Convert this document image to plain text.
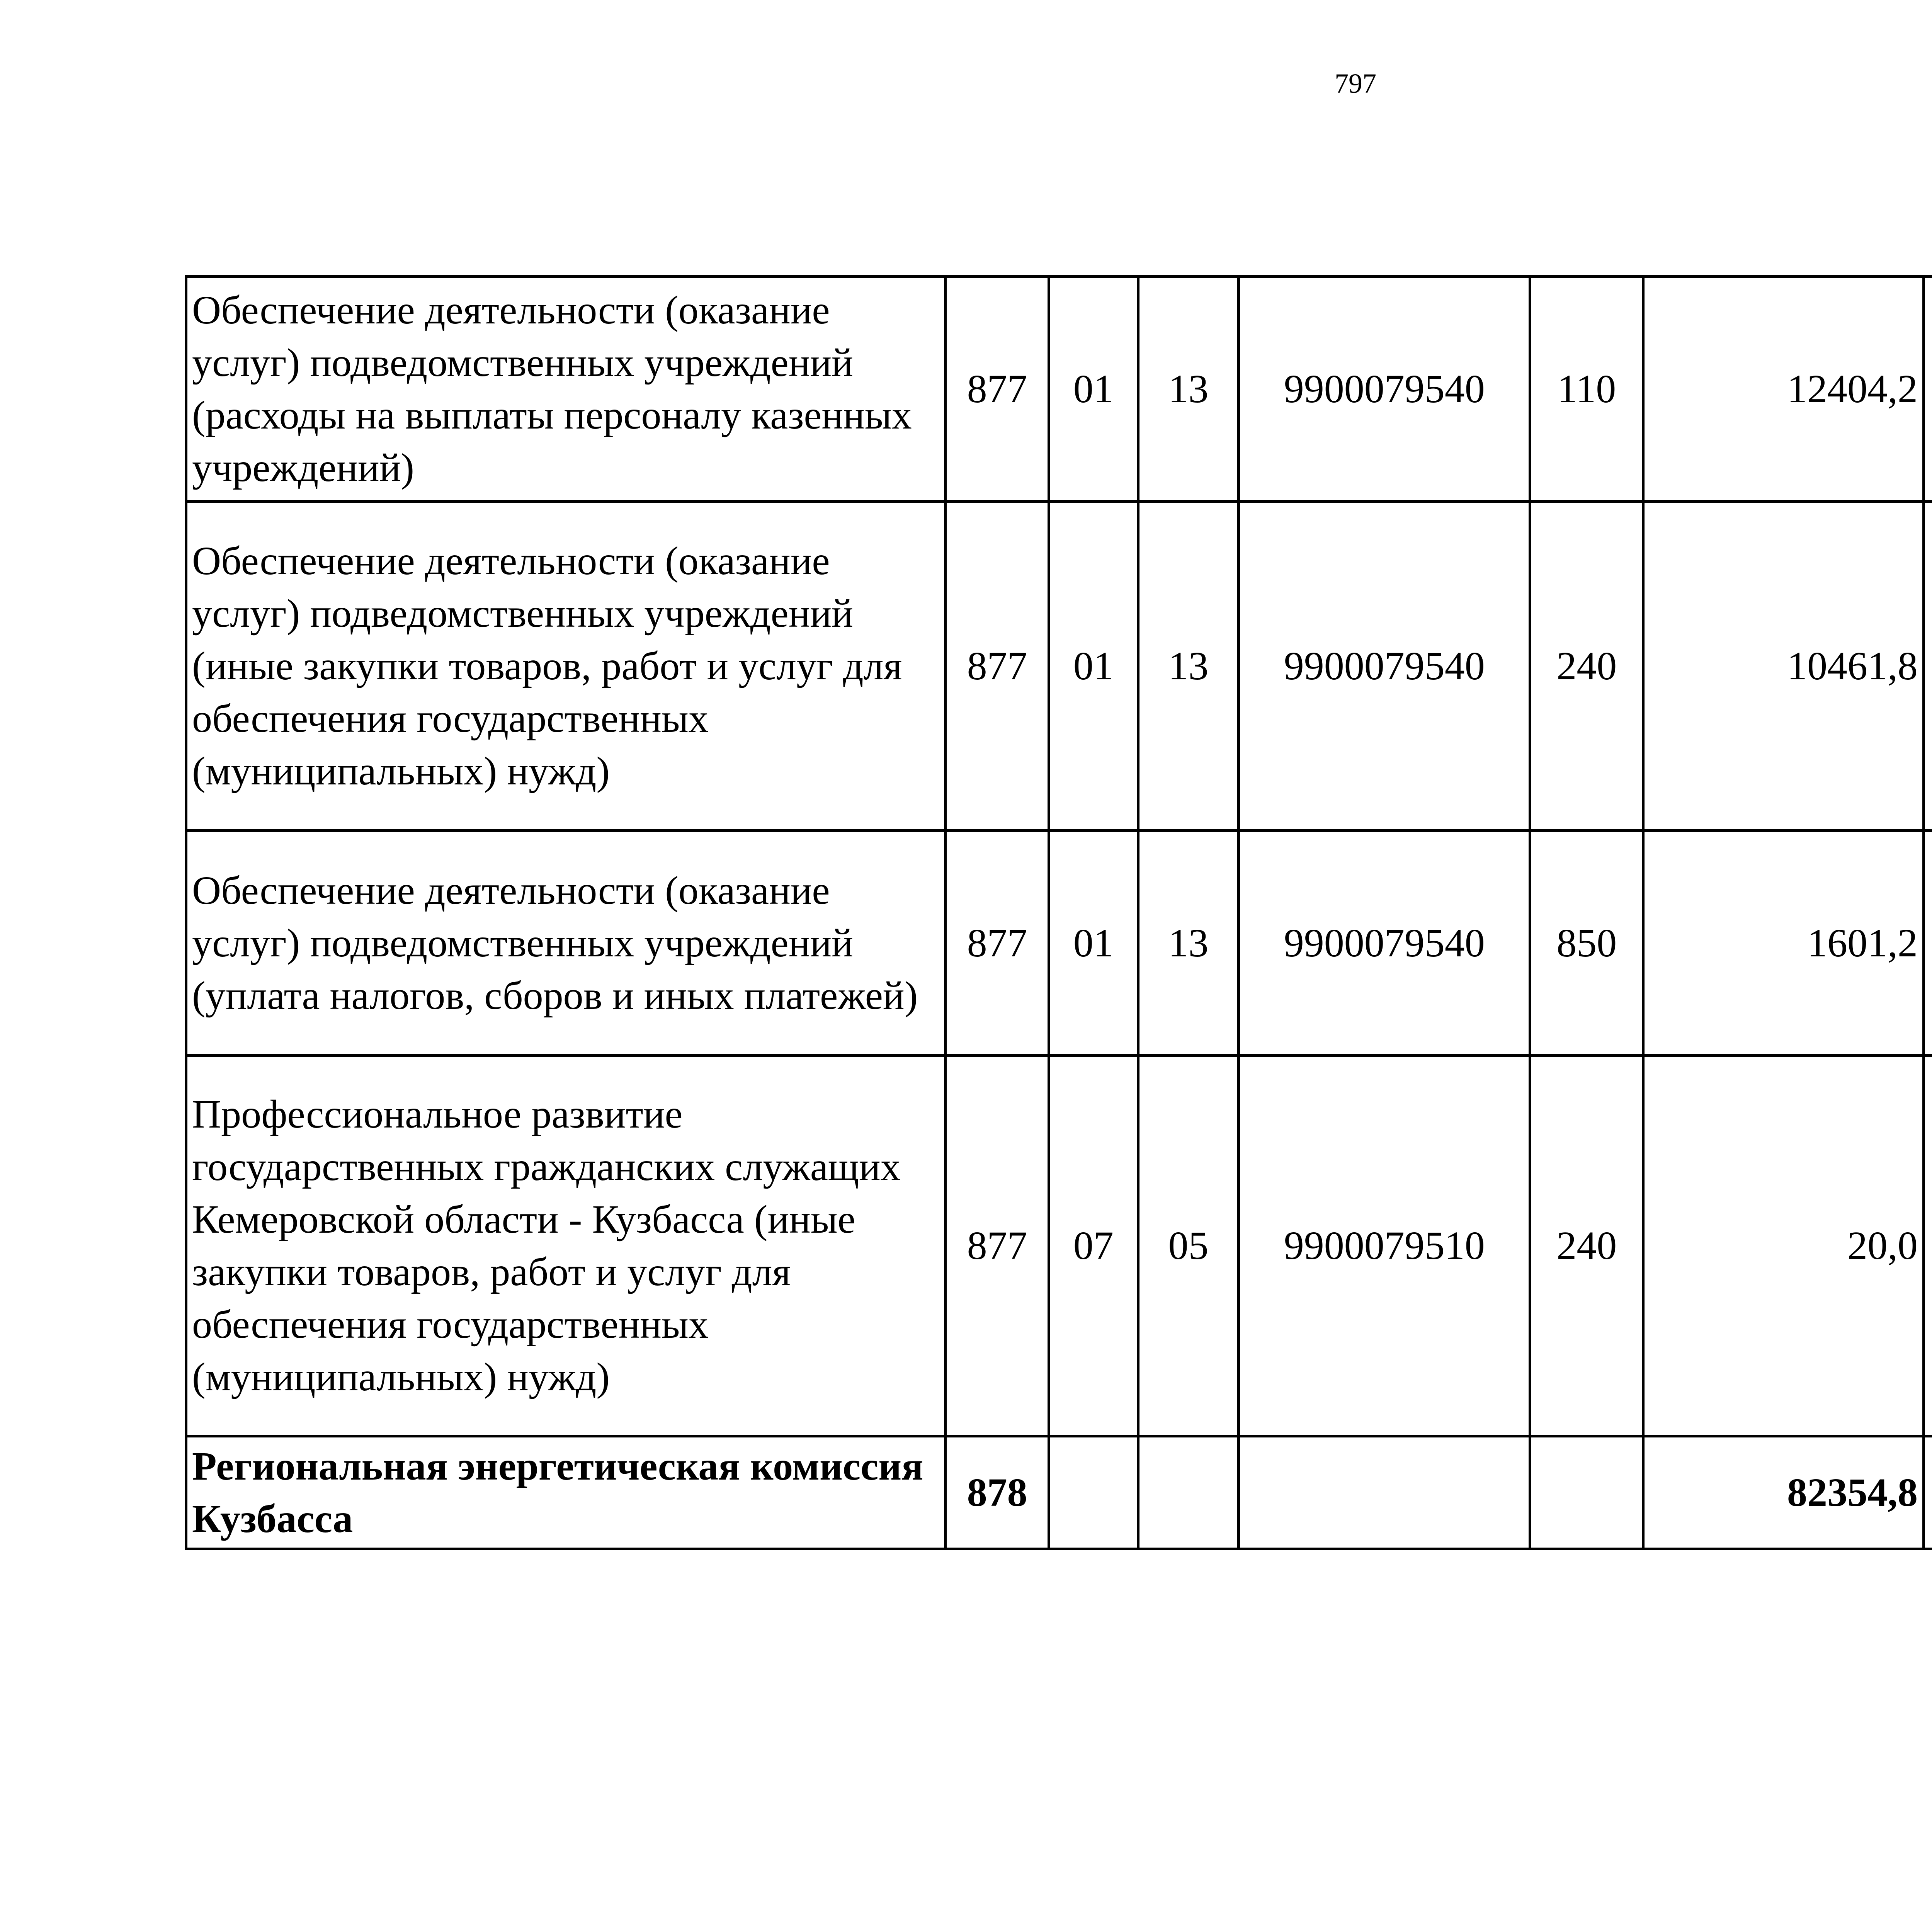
797
Обеспечение деятельности (оказание услуг) подведомственных учреждений (расходы на выплаты персоналу казенных учреждений)	877	01	13	9900079540	110	12404,2		
Обеспечение деятельности (оказание услуг) подведомственных учреждений (иные закупки товаров, работ и услуг для обеспечения государственных (муниципальных) нужд)	877	01	13	9900079540	240	10461,8		
Обеспечение деятельности (оказание услуг) подведомственных учреждений (уплата налогов, сборов и иных платежей)	877	01	13	9900079540	850	1601,2		
Профессиональное развитие государственных гражданских служащих Кемеровской области - Кузбасса (иные закупки товаров, работ и услуг для обеспечения государственных (муниципальных) нужд)	877	07	05	9900079510	240	20,0		
Региональная энергетическая комиссия Кузбасса	878					82354,8		
